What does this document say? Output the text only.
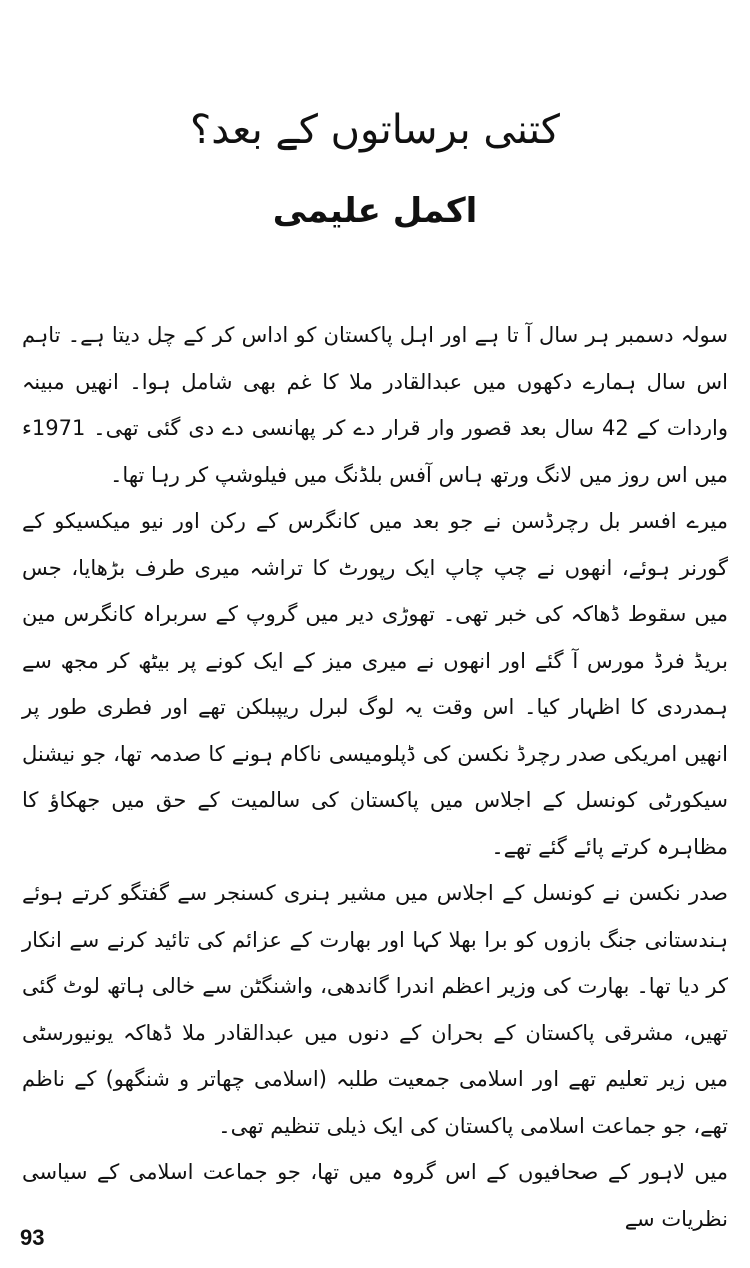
کتنی برساتوں کے بعد؟
اکمل علیمی

سولہ دسمبر ہر سال آ تا ہے اور اہل پاکستان کو اداس کر کے چل دیتا ہے۔ تاہم اس سال ہمارے دکھوں میں عبدالقادر ملا کا غم بھی شامل ہوا۔ انھیں مبینہ واردات کے 42 سال بعد قصور وار قرار دے کر پھانسی دے دی گئی تھی۔ 1971ء میں اس روز میں لانگ ورتھ ہاس آفس بلڈنگ میں فیلوشپ کر رہا تھا۔

میرے افسر بل رچرڈسن نے جو بعد میں کانگرس کے رکن اور نیو میکسیکو کے گورنر ہوئے، انھوں نے چپ چاپ ایک رپورٹ کا تراشہ میری طرف بڑھایا، جس میں سقوط ڈھاکہ کی خبر تھی۔ تھوڑی دیر میں گروپ کے سربراہ کانگرس مین بریڈ فرڈ مورس آ گئے اور انھوں نے میری میز کے ایک کونے پر بیٹھ کر مجھ سے ہمدردی کا اظہار کیا۔ اس وقت یہ لوگ لبرل ریپبلکن تھے اور فطری طور پر انھیں امریکی صدر رچرڈ نکسن کی ڈپلومیسی ناکام ہونے کا صدمہ تھا، جو نیشنل سیکورٹی کونسل کے اجلاس میں پاکستان کی سالمیت کے حق میں جھکاؤ کا مظاہرہ کرتے پائے گئے تھے۔

صدر نکسن نے کونسل کے اجلاس میں مشیر ہنری کسنجر سے گفتگو کرتے ہوئے ہندستانی جنگ بازوں کو برا بھلا کہا اور بھارت کے عزائم کی تائید کرنے سے انکار کر دیا تھا۔ بھارت کی وزیر اعظم اندرا گاندھی، واشنگٹن سے خالی ہاتھ لوٹ گئی تھیں، مشرقی پاکستان کے بحران کے دنوں میں عبدالقادر ملا ڈھاکہ یونیورسٹی میں زیر تعلیم تھے اور اسلامی جمعیت طلبہ (اسلامی چھاتر و شنگھو) کے ناظم تھے، جو جماعت اسلامی پاکستان کی ایک ذیلی تنظیم تھی۔

میں لاہور کے صحافیوں کے اس گروہ میں تھا، جو جماعت اسلامی کے سیاسی نظریات سے

93
